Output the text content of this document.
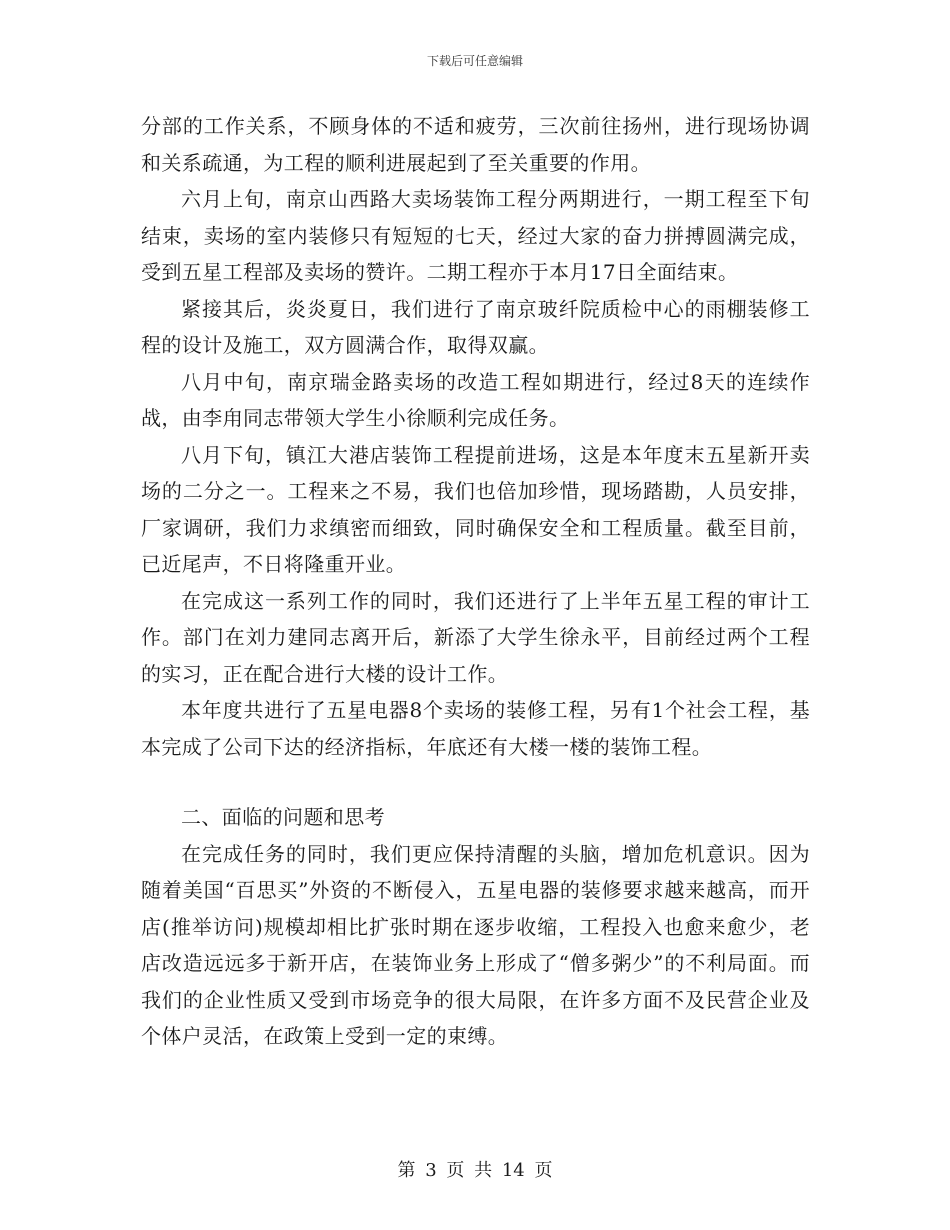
下载后可任意编辑

分部的工作关系，不顾身体的不适和疲劳，三次前往扬州，进行现场协调和关系疏通，为工程的顺利进展起到了至关重要的作用。

六月上旬，南京山西路大卖场装饰工程分两期进行，一期工程至下旬结束，卖场的室内装修只有短短的七天，经过大家的奋力拼搏圆满完成，受到五星工程部及卖场的赞许。二期工程亦于本月17日全面结束。

紧接其后，炎炎夏日，我们进行了南京玻纤院质检中心的雨棚装修工程的设计及施工，双方圆满合作，取得双赢。

八月中旬，南京瑞金路卖场的改造工程如期进行，经过8天的连续作战，由李甪同志带领大学生小徐顺利完成任务。

八月下旬，镇江大港店装饰工程提前进场，这是本年度末五星新开卖场的二分之一。工程来之不易，我们也倍加珍惜，现场踏勘，人员安排，厂家调研，我们力求缜密而细致，同时确保安全和工程质量。截至目前，已近尾声，不日将隆重开业。

在完成这一系列工作的同时，我们还进行了上半年五星工程的审计工作。部门在刘力建同志离开后，新添了大学生徐永平，目前经过两个工程的实习，正在配合进行大楼的设计工作。

本年度共进行了五星电器8个卖场的装修工程，另有1个社会工程，基本完成了公司下达的经济指标，年底还有大楼一楼的装饰工程。

二、面临的问题和思考

在完成任务的同时，我们更应保持清醒的头脑，增加危机意识。因为随着美国“百思买”外资的不断侵入，五星电器的装修要求越来越高，而开店(推举访问)规模却相比扩张时期在逐步收缩，工程投入也愈来愈少，老店改造远远多于新开店，在装饰业务上形成了“僧多粥少”的不利局面。而我们的企业性质又受到市场竞争的很大局限，在许多方面不及民营企业及个体户灵活，在政策上受到一定的束缚。

第 3 页 共 14 页
